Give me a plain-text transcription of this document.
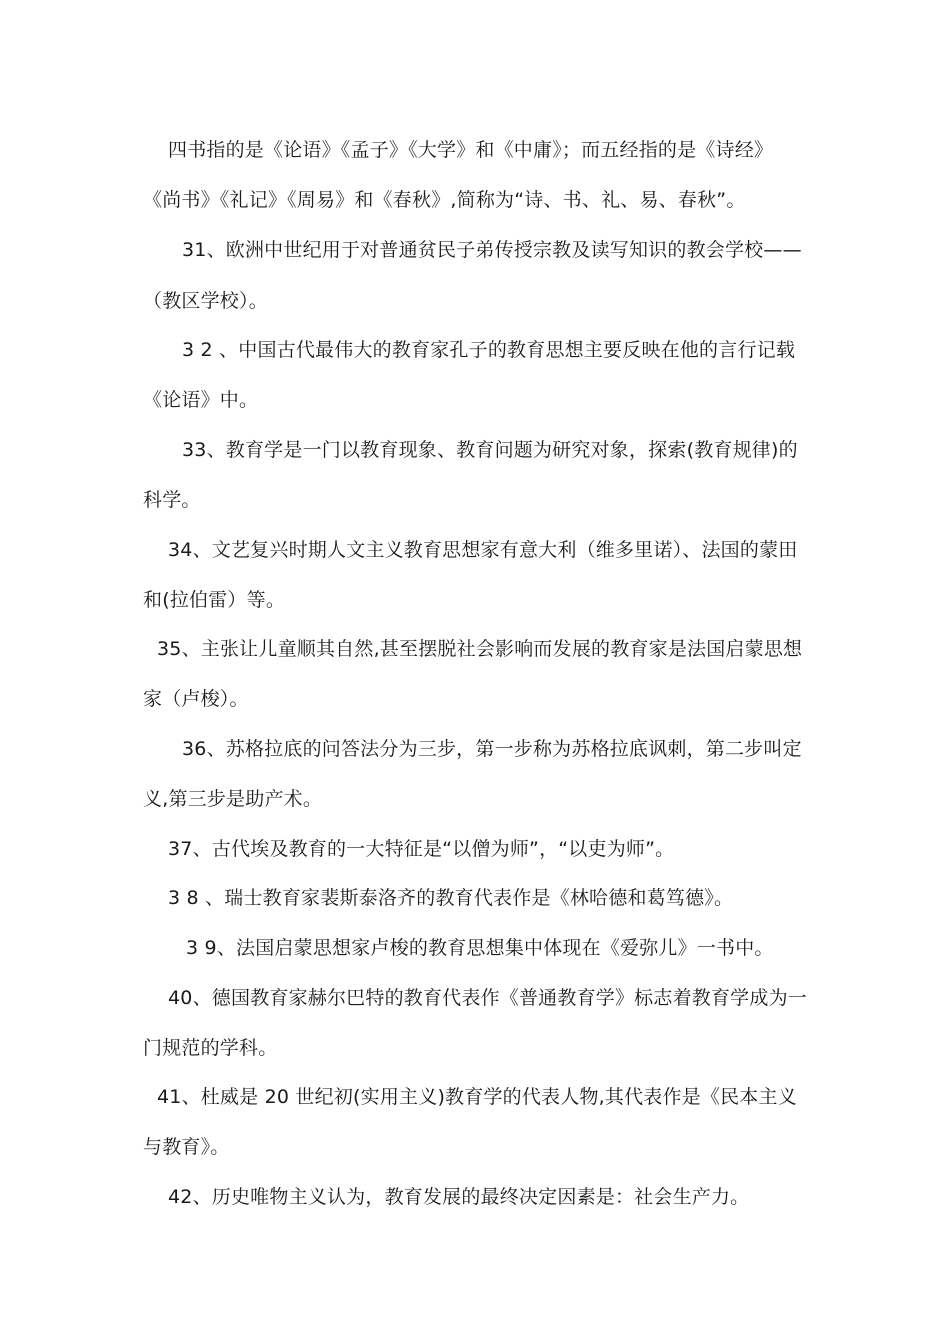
四书指的是《论语》《孟子》《大学》和《中庸》；而五经指的是《诗经》
《尚书》《礼记》《周易》和《春秋》,简称为“诗、书、礼、易、春秋”。
31、欧洲中世纪用于对普通贫民子弟传授宗教及读写知识的教会学校——
（教区学校）。
3 2 、中国古代最伟大的教育家孔子的教育思想主要反映在他的言行记载
《论语》中。
33、教育学是一门以教育现象、教育问题为研究对象，探索(教育规律)的
科学。
34、文艺复兴时期人文主义教育思想家有意大利（维多里诺）、法国的蒙田
和(拉伯雷）等。
35、主张让儿童顺其自然,甚至摆脱社会影响而发展的教育家是法国启蒙思想
家（卢梭）。
36、苏格拉底的问答法分为三步，第一步称为苏格拉底讽刺，第二步叫定
义,第三步是助产术。
37、古代埃及教育的一大特征是“以僧为师”，“以吏为师”。
3 8 、瑞士教育家裴斯泰洛齐的教育代表作是《林哈德和葛笃德》。
3 9、法国启蒙思想家卢梭的教育思想集中体现在《爱弥儿》一书中。
40、德国教育家赫尔巴特的教育代表作《普通教育学》标志着教育学成为一
门规范的学科。
41、杜威是 20 世纪初(实用主义)教育学的代表人物,其代表作是《民本主义
与教育》。
42、历史唯物主义认为，教育发展的最终决定因素是：社会生产力。
